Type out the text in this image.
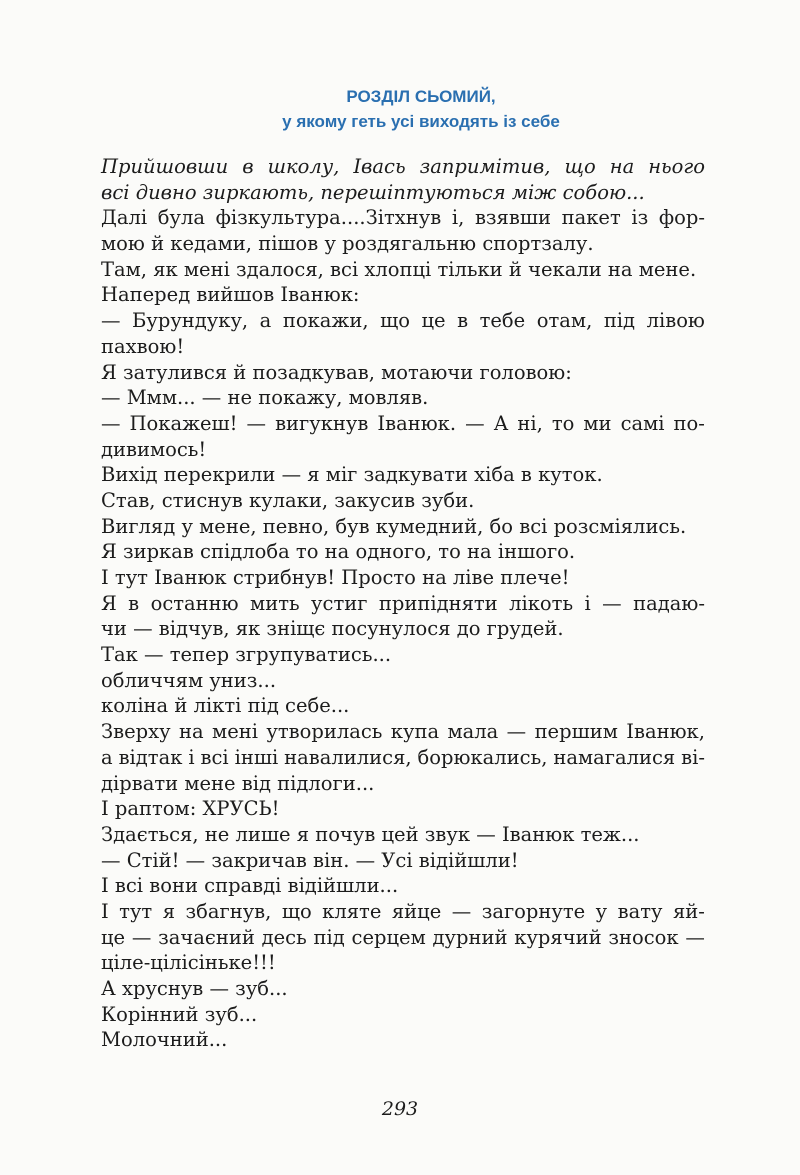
РОЗДІЛ СЬОМИЙ,
у якому геть усі виходять із себе
Прийшовши в школу, Івась запримітив, що на нього
всі дивно зиркають, перешіптуються між собою...
Далі була фізкультура....Зітхнув і, взявши пакет із фор-
мою й кедами, пішов у роздягальню спортзалу.
Там, як мені здалося, всі хлопці тільки й чекали на мене.
Наперед вийшов Іванюк:
— Бурундуку, а покажи, що це в тебе отам, під лівою
пахвою!
Я затулився й позадкував, мотаючи головою:
— Ммм... — не покажу, мовляв.
— Покажеш! — вигукнув Іванюк. — А ні, то ми самі по-
дивимось!
Вихід перекрили — я міг задкувати хіба в куток.
Став, стиснув кулаки, закусив зуби.
Вигляд у мене, певно, був кумедний, бо всі розсміялись.
Я зиркав спідлоба то на одного, то на іншого.
І тут Іванюк стрибнув! Просто на ліве плече!
Я в останню мить устиг припідняти лікоть і — падаю-
чи — відчув, як зніщє посунулося до грудей.
Так — тепер згрупуватись...
обличчям униз...
коліна й лікті під себе...
Зверху на мені утворилась купа мала — першим Іванюк,
а відтак і всі інші навалилися, борюкались, намагалися ві-
дірвати мене від підлоги...
І раптом: ХРУСЬ!
Здається, не лише я почув цей звук — Іванюк теж...
— Стій! — закричав він. — Усі відійшли!
І всі вони справді відійшли...
І тут я збагнув, що кляте яйце — загорнуте у вату яй-
це — зачаєний десь під серцем дурний курячий зносок —
ціле-цілісіньке!!!
А хруснув — зуб...
Корінний зуб...
Молочний...
293
